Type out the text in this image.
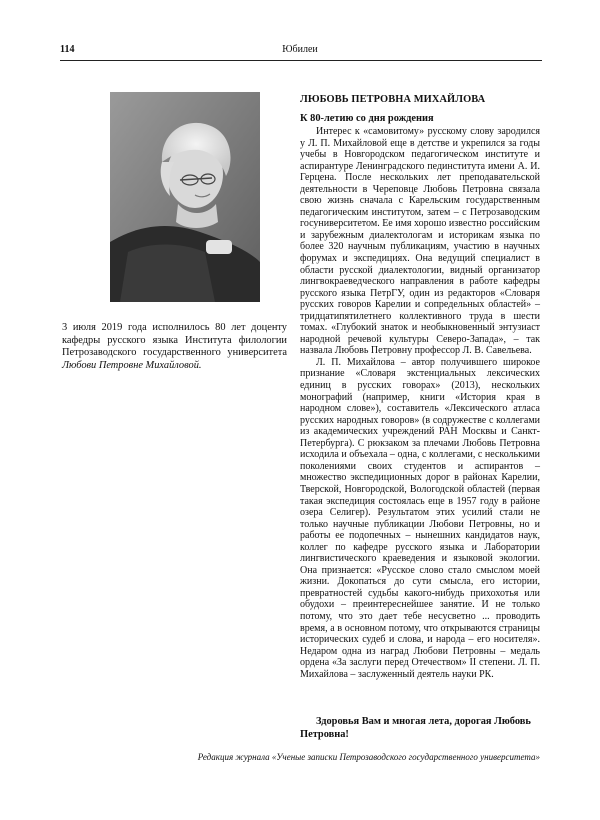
114	Юбилеи

3 июля 2019 года исполнилось 80 лет доценту кафедры русского языка Института филологии Петрозаводского государственного университета Любови Петровне Михайловой.

ЛЮБОВЬ ПЕТРОВНА МИХАЙЛОВА
К 80-летию со дня рождения

Интерес к «самовитому» русскому слову зародился у Л. П. Михайловой еще в детстве и укрепился за годы учебы в Новгородском педагогическом институте и аспирантуре Ленинградского пединститута имени А. И. Герцена. После нескольких лет преподавательской деятельности в Череповце Любовь Петровна связала свою жизнь сначала с Карельским государственным педагогическим институтом, затем – с Петрозаводским госуниверситетом. Ее имя хорошо известно российским и зарубежным диалектологам и историкам языка по более 320 научным публикациям, участию в научных форумах и экспедициях. Она ведущий специалист в области русской диалектологии, видный организатор лингвокраеведческого направления в работе кафедры русского языка ПетрГУ, один из редакторов «Словаря русских говоров Карелии и сопредельных областей» – тридцатипятилетнего коллективного труда в шести томах. «Глубокий знаток и необыкновенный энтузиаст народной речевой культуры Северо-Запада», – так назвала Любовь Петровну профессор Л. В. Савельева.

Л. П. Михайлова – автор получившего широкое признание «Словаря экстенциальных лексических единиц в русских говорах» (2013), нескольких монографий (например, книги «История края в народном слове»), составитель «Лексического атласа русских народных говоров» (в содружестве с коллегами из академических учреждений РАН Москвы и Санкт-Петербурга). С рюкзаком за плечами Любовь Петровна исходила и объехала – одна, с коллегами, с несколькими поколениями своих студентов и аспирантов – множество экспедиционных дорог в районах Карелии, Тверской, Новгородской, Вологодской областей (первая такая экспедиция состоялась еще в 1957 году в районе озера Селигер). Результатом этих усилий стали не только научные публикации Любови Петровны, но и работы ее подопечных – нынешних кандидатов наук, коллег по кафедре русского языка и Лаборатории лингвистического краеведения и языковой экологии. Она признается: «Русское слово стало смыслом моей жизни. Докопаться до сути смысла, его истории, превратностей судьбы какого-нибудь прихохотья или обудохи – преинтереснейшее занятие. И не только потому, что это дает тебе несусветно ... проводить время, а в основном потому, что открываются страницы исторических судеб и слова, и народа – его носителя». Недаром одна из наград Любови Петровны – медаль ордена «За заслуги перед Отечеством» II степени. Л. П. Михайлова – заслуженный деятель науки РК.

Здоровья Вам и многая лета, дорогая Любовь Петровна!

Редакция журнала «Ученые записки Петрозаводского государственного университета»
